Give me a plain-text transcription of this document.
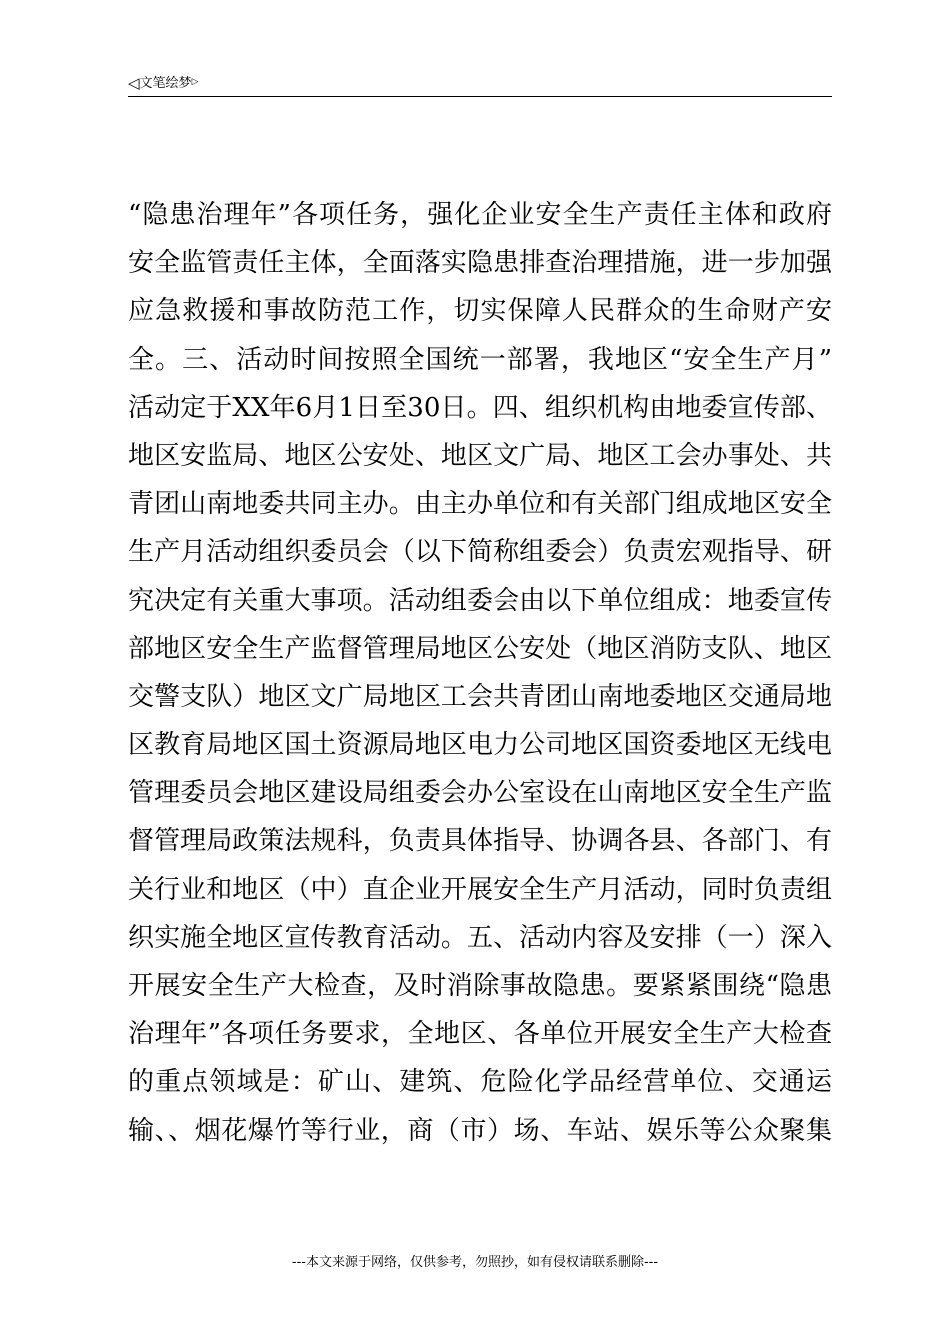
◁文笔绘梦▷
“隐患治理年”各项任务，强化企业安全生产责任主体和政府
安全监管责任主体，全面落实隐患排查治理措施，进一步加强
应急救援和事故防范工作，切实保障人民群众的生命财产安
全。三、活动时间按照全国统一部署，我地区“安全生产月”
活动定于XX年6月1日至30日。四、组织机构由地委宣传部、
地区安监局、地区公安处、地区文广局、地区工会办事处、共
青团山南地委共同主办。由主办单位和有关部门组成地区安全
生产月活动组织委员会（以下简称组委会）负责宏观指导、研
究决定有关重大事项。活动组委会由以下单位组成：地委宣传
部地区安全生产监督管理局地区公安处（地区消防支队、地区
交警支队）地区文广局地区工会共青团山南地委地区交通局地
区教育局地区国土资源局地区电力公司地区国资委地区无线电
管理委员会地区建设局组委会办公室设在山南地区安全生产监
督管理局政策法规科，负责具体指导、协调各县、各部门、有
关行业和地区（中）直企业开展安全生产月活动，同时负责组
织实施全地区宣传教育活动。五、活动内容及安排（一）深入
开展安全生产大检查，及时消除事故隐患。要紧紧围绕“隐患
治理年”各项任务要求，全地区、各单位开展安全生产大检查
的重点领域是：矿山、建筑、危险化学品经营单位、交通运
输、、烟花爆竹等行业，商（市）场、车站、娱乐等公众聚集
---本文来源于网络，仅供参考，勿照抄，如有侵权请联系删除---
